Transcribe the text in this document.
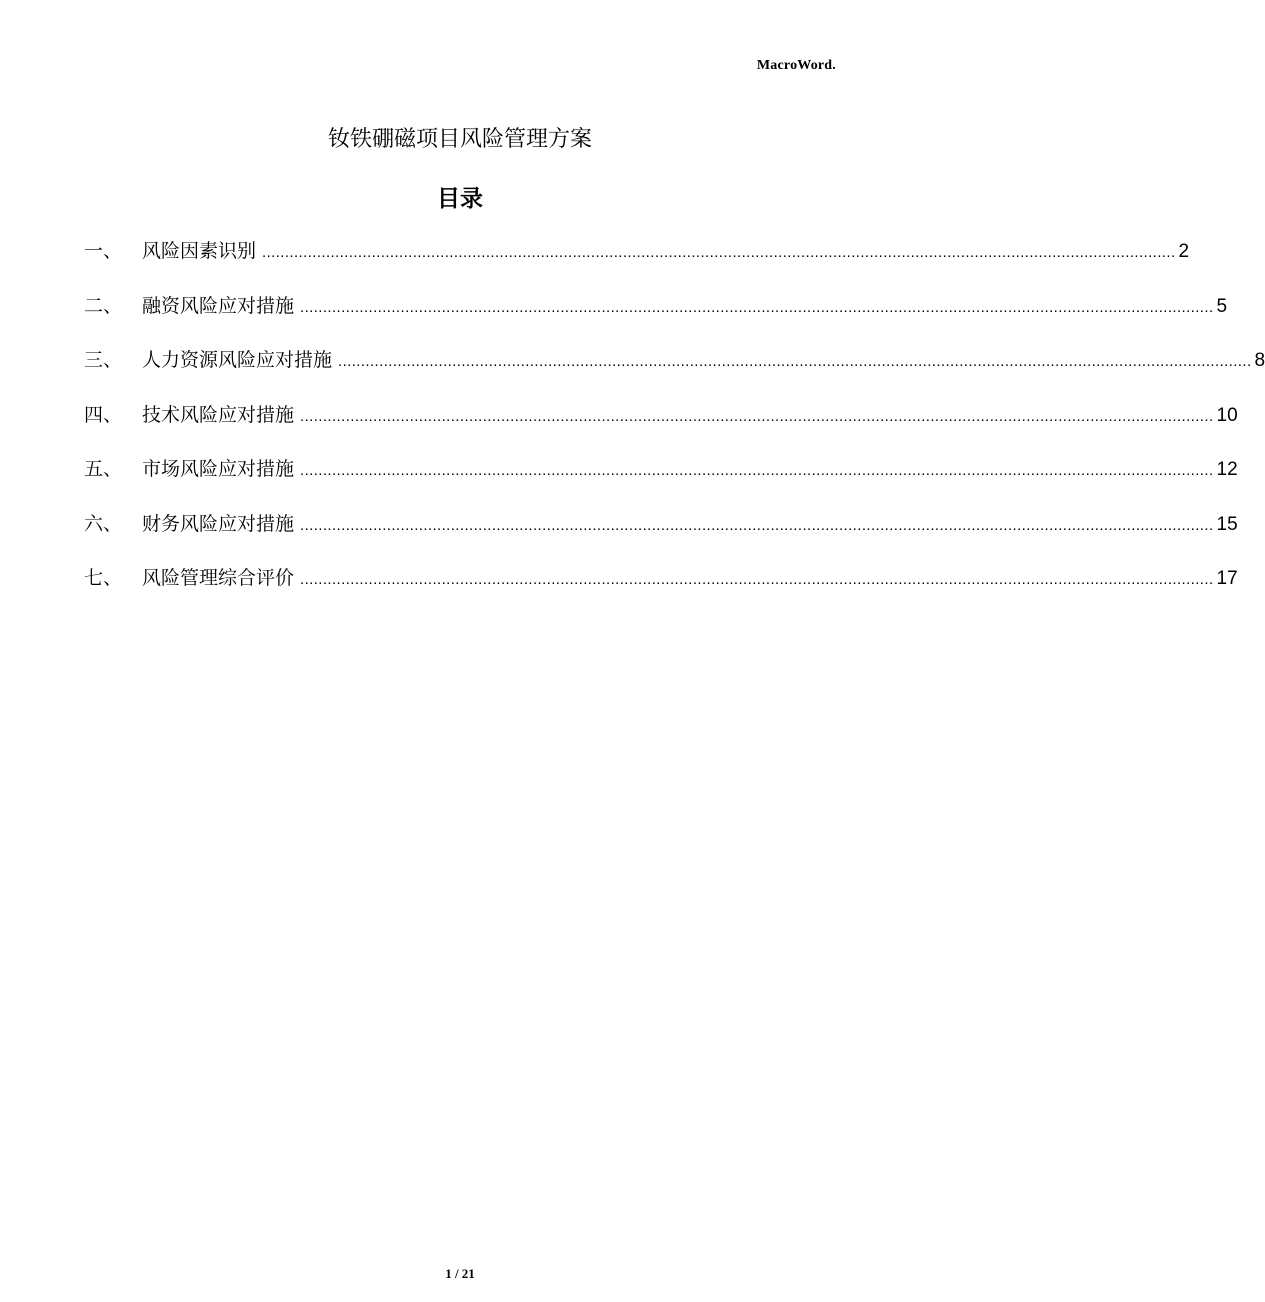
MacroWord.
钕铁硼磁项目风险管理方案
目录
一、	风险因素识别 ........................................................................................................................................................................................................ 2
二、	融资风险应对措施 ........................................................................................................................................................................................................ 5
三、	人力资源风险应对措施 ........................................................................................................................................................................................................ 8
四、	技术风险应对措施 ........................................................................................................................................................................................................ 10
五、	市场风险应对措施 ........................................................................................................................................................................................................ 12
六、	财务风险应对措施 ........................................................................................................................................................................................................ 15
七、	风险管理综合评价 ........................................................................................................................................................................................................ 17
1 / 21
